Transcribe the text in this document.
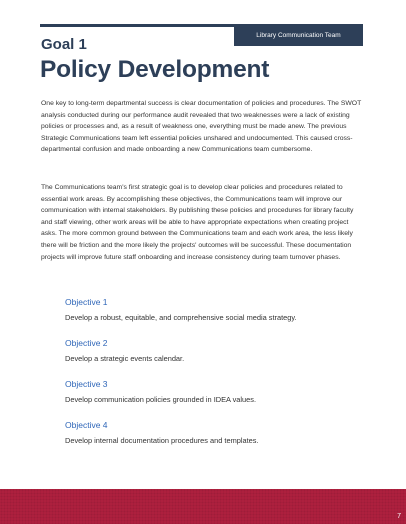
Library Communication Team
Goal 1
Policy Development

One key to long-term departmental success is clear documentation of policies and procedures. The SWOT analysis conducted during our performance audit revealed that two weaknesses were a lack of existing policies or processes and, as a result of weakness one, everything must be made anew. The previous Strategic Communications team left essential policies unshared and undocumented. This caused cross-departmental confusion and made onboarding a new Communications team cumbersome.

The Communications team's first strategic goal is to develop clear policies and procedures related to essential work areas. By accomplishing these objectives, the Communications team will improve our communication with internal stakeholders. By publishing these policies and procedures for library faculty and staff viewing, other work areas will be able to have appropriate expectations when creating project asks. The more common ground between the Communications team and each work area, the less likely there will be friction and the more likely the projects' outcomes will be successful. These documentation projects will improve future staff onboarding and increase consistency during team turnover phases.

Objective 1
Develop a robust, equitable, and comprehensive social media strategy.
Objective 2
Develop a strategic events calendar.
Objective 3
Develop communication policies grounded in IDEA values.
Objective 4
Develop internal documentation procedures and templates.
7
